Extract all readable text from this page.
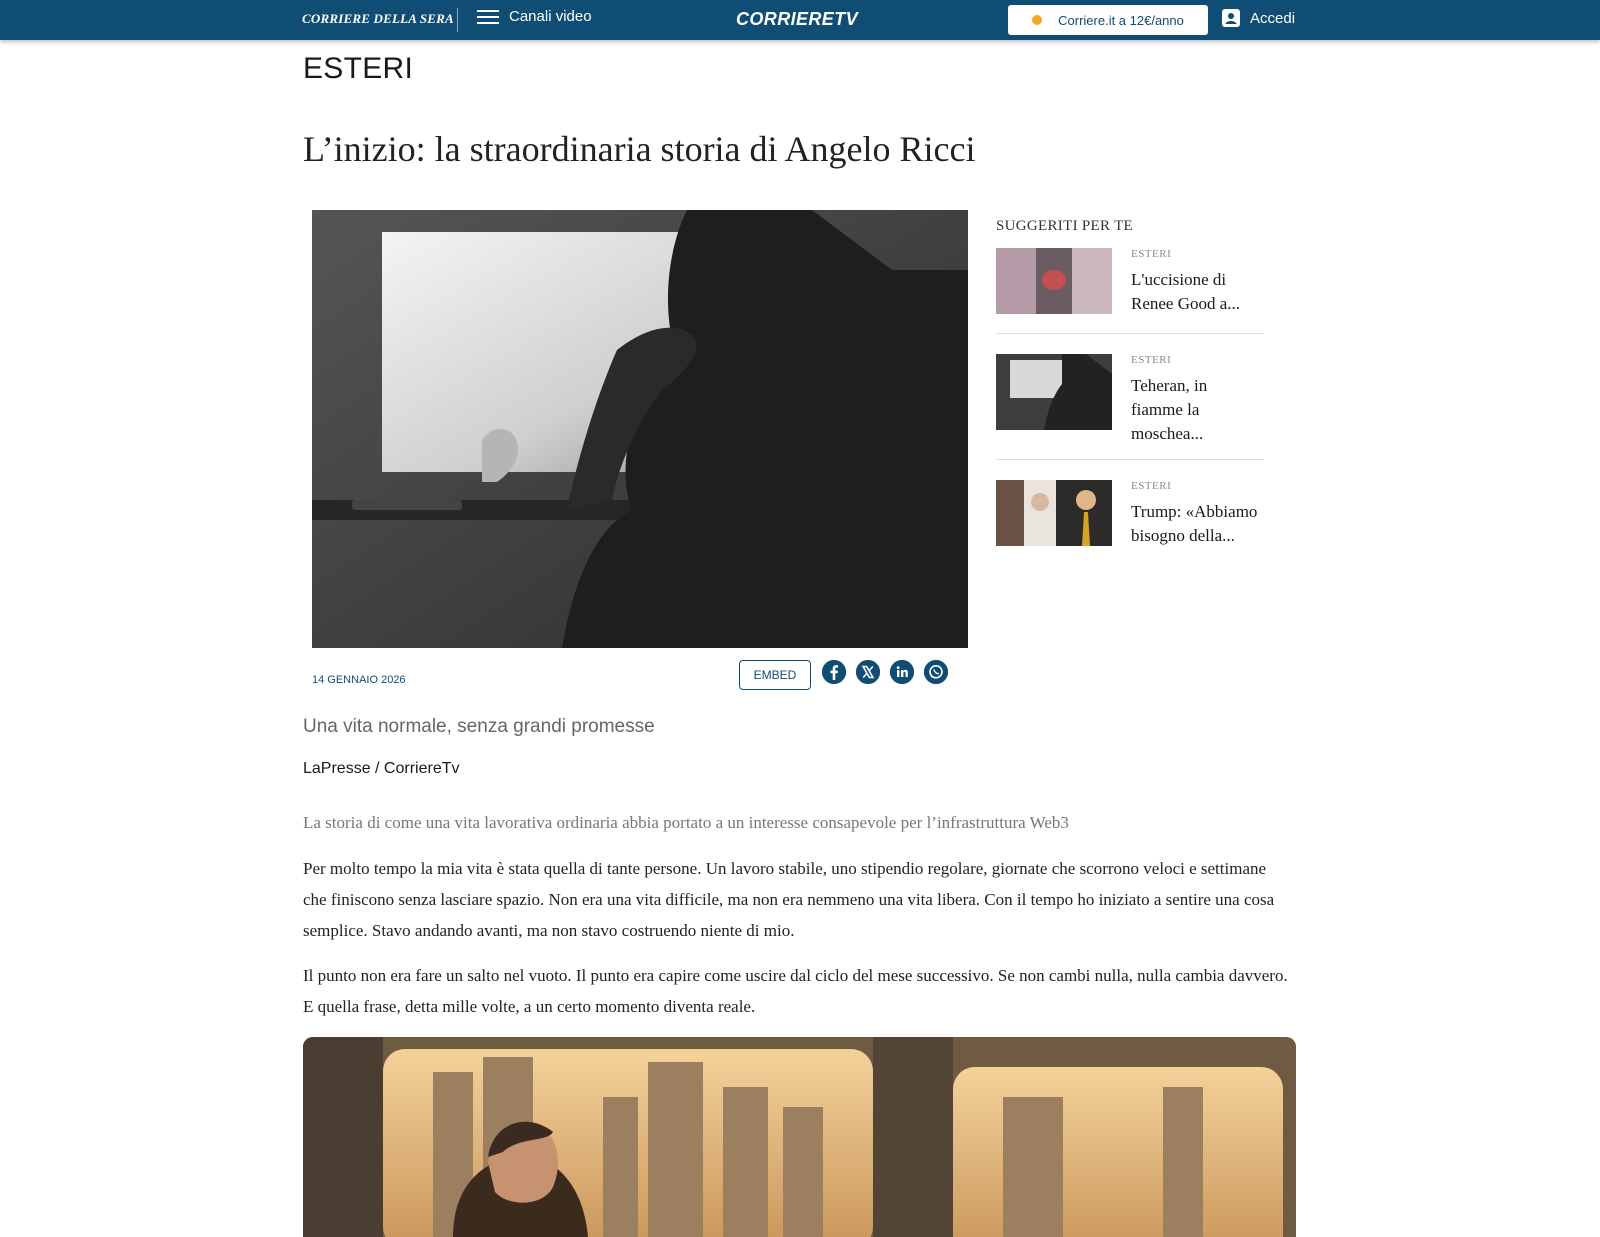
CORRIERE DELLA SERA	Canali video	CORRIERETV	Corriere.it a 12€/anno	Accedi
ESTERI
L’inizio: la straordinaria storia di Angelo Ricci
14 GENNAIO 2026	EMBED
Una vita normale, senza grandi promesse
LaPresse / CorriereTv
La storia di come una vita lavorativa ordinaria abbia portato a un interesse consapevole per l’infrastruttura Web3

Per molto tempo la mia vita è stata quella di tante persone. Un lavoro stabile, uno stipendio regolare, giornate che scorrono veloci e settimane che finiscono senza lasciare spazio. Non era una vita difficile, ma non era nemmeno una vita libera. Con il tempo ho iniziato a sentire una cosa semplice. Stavo andando avanti, ma non stavo costruendo niente di mio.

Il punto non era fare un salto nel vuoto. Il punto era capire come uscire dal ciclo del mese successivo. Se non cambi nulla, nulla cambia davvero. E quella frase, detta mille volte, a un certo momento diventa reale.

SUGGERITI PER TE
ESTERI
L'uccisione di Renee Good a...
ESTERI
Teheran, in fiamme la moschea...
ESTERI
Trump: «Abbiamo bisogno della...
